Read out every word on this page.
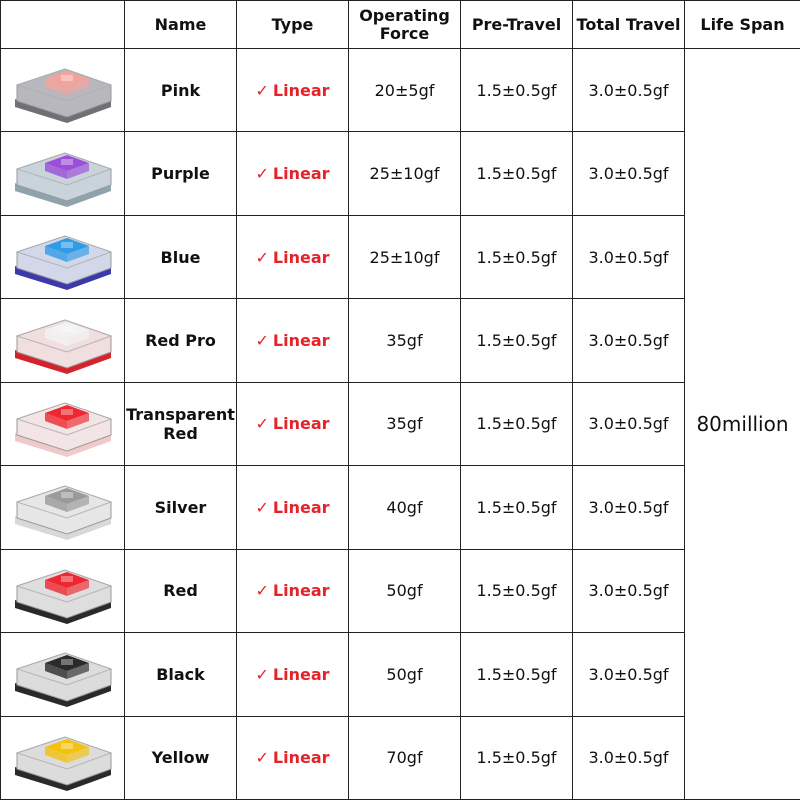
	Name	Type	Operating Force	Pre-Travel	Total Travel	Life Span

	Pink	✓ Linear	20±5gf	1.5±0.5gf	3.0±0.5gf	80million

	Purple	✓ Linear	25±10gf	1.5±0.5gf	3.0±0.5gf	

	Blue	✓ Linear	25±10gf	1.5±0.5gf	3.0±0.5gf	

	Red Pro	✓ Linear	35gf	1.5±0.5gf	3.0±0.5gf	

	Transparent Red	✓ Linear	35gf	1.5±0.5gf	3.0±0.5gf	

	Silver	✓ Linear	40gf	1.5±0.5gf	3.0±0.5gf	

	Red	✓ Linear	50gf	1.5±0.5gf	3.0±0.5gf	

	Black	✓ Linear	50gf	1.5±0.5gf	3.0±0.5gf	

	Yellow	✓ Linear	70gf	1.5±0.5gf	3.0±0.5gf	
